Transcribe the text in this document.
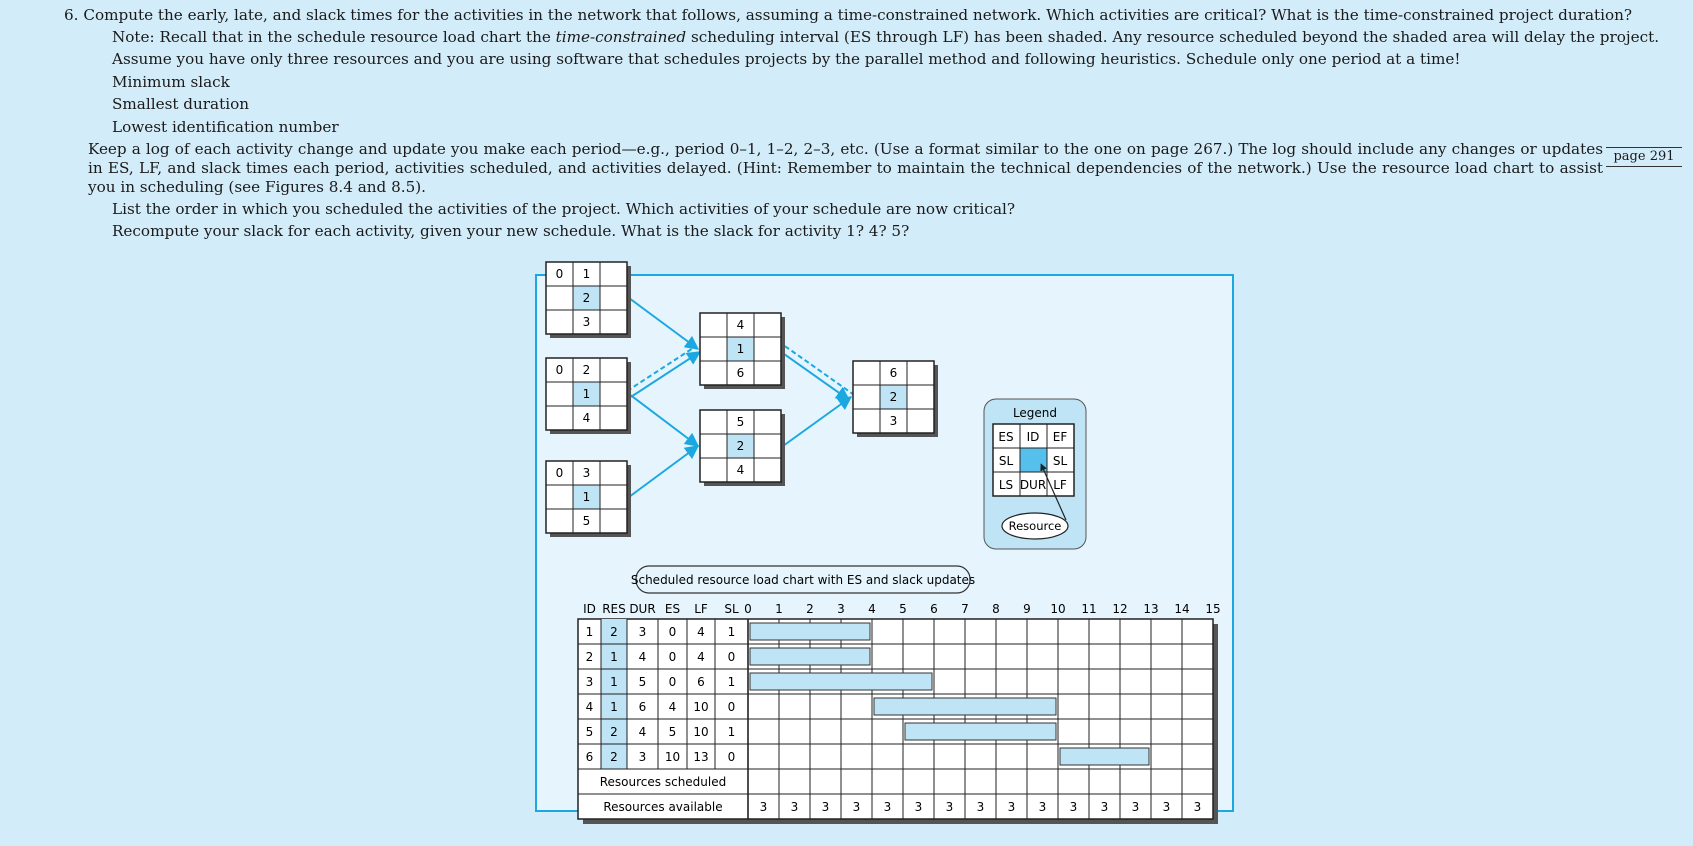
6. Compute the early, late, and slack times for the activities in the network that follows, assuming a time-constrained network. Which activities are critical? What is the time-constrained project duration?
Note: Recall that in the schedule resource load chart the time-constrained scheduling interval (ES through LF) has been shaded. Any resource scheduled beyond the shaded area will delay the project.
Assume you have only three resources and you are using software that schedules projects by the parallel method and following heuristics. Schedule only one period at a time!
Minimum slack
Smallest duration
Lowest identification number
Keep a log of each activity change and update you make each period—e.g., period 0–1, 1–2, 2–3, etc. (Use a format similar to the one on page 267.) The log should include any changes or updates in ES, LF, and slack times each period, activities scheduled, and activities delayed. (Hint: Remember to maintain the technical dependencies of the network.) Use the resource load chart to assist you in scheduling (see Figures 8.4 and 8.5).
page 291
List the order in which you scheduled the activities of the project. Which activities of your schedule are now critical?
Recompute your slack for each activity, given your new schedule. What is the slack for activity 1? 4? 5?
0 1
2
3
0 2
1
4
0 3
1
5
4
1
6
5
2
4
6
2
3
Legend
ES ID EF
SL	SL
LS DUR LF
Resource
Scheduled resource load chart with ES and slack updates
ID RES DUR ES LF SL 0 1 2 3 4 5 6 7 8 9 10 11 12 13 14 15
1 2 3 0 4 1
2 1 4 0 4 0
3 1 5 0 6 1
4 1 6 4 10 0
5 2 4 5 10 1
6 2 3 10 13 0
Resources scheduled
Resources available	3 3 3 3 3 3 3 3 3 3 3 3 3 3 3
